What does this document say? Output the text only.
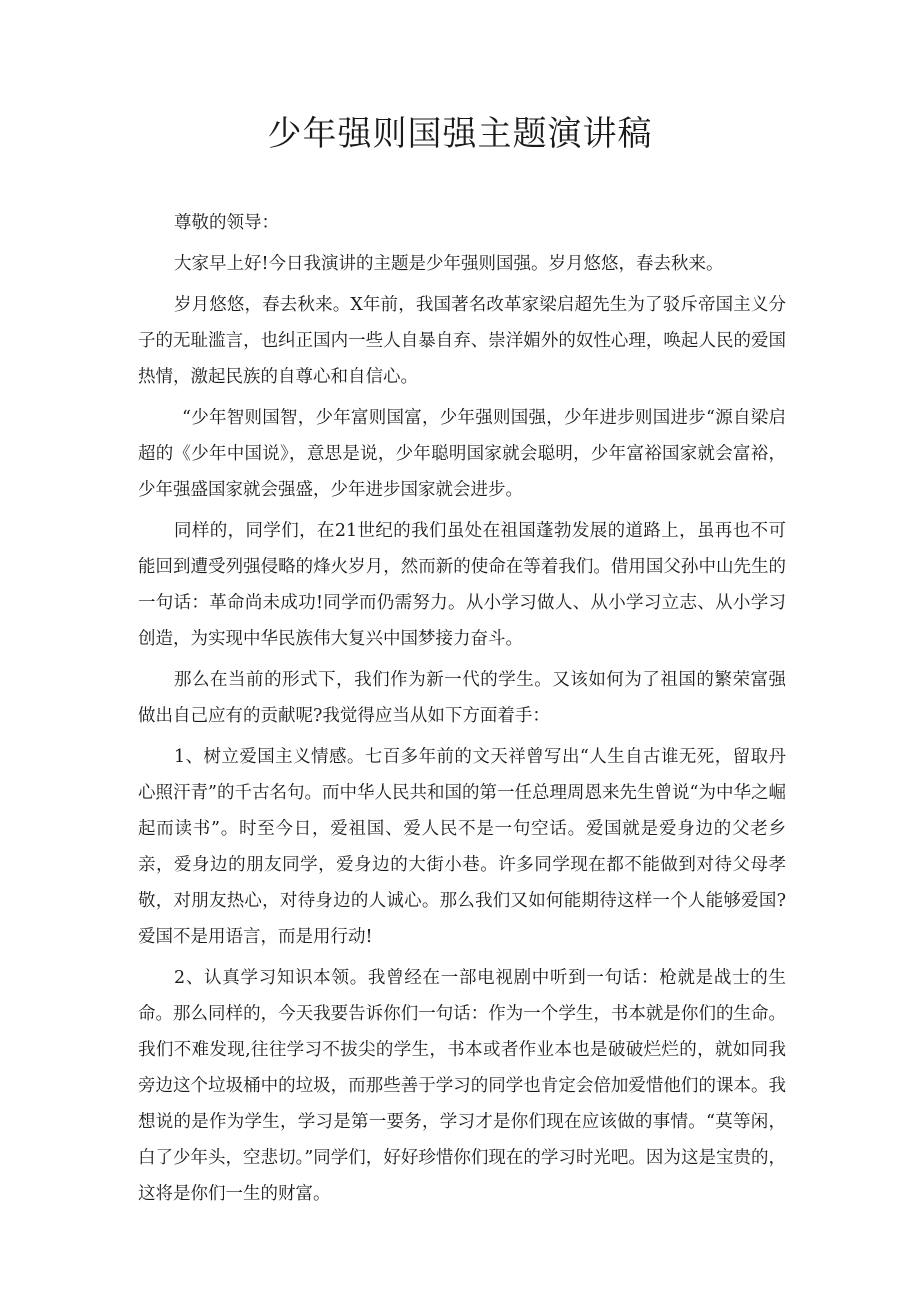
少年强则国强主题演讲稿

尊敬的领导：

大家早上好!今日我演讲的主题是少年强则国强。岁月悠悠，春去秋来。

岁月悠悠，春去秋来。X年前，我国著名改革家梁启超先生为了驳斥帝国主义分子的无耻滥言，也纠正国内一些人自暴自弃、崇洋媚外的奴性心理，唤起人民的爱国热情，激起民族的自尊心和自信心。

“少年智则国智，少年富则国富，少年强则国强，少年进步则国进步“源自梁启超的《少年中国说》，意思是说，少年聪明国家就会聪明，少年富裕国家就会富裕，少年强盛国家就会强盛，少年进步国家就会进步。

同样的，同学们，在21世纪的我们虽处在祖国蓬勃发展的道路上，虽再也不可能回到遭受列强侵略的烽火岁月，然而新的使命在等着我们。借用国父孙中山先生的一句话：革命尚未成功!同学而仍需努力。从小学习做人、从小学习立志、从小学习创造，为实现中华民族伟大复兴中国梦接力奋斗。

那么在当前的形式下，我们作为新一代的学生。又该如何为了祖国的繁荣富强做出自己应有的贡献呢?我觉得应当从如下方面着手：

1、树立爱国主义情感。七百多年前的文天祥曾写出“人生自古谁无死，留取丹心照汗青”的千古名句。而中华人民共和国的第一任总理周恩来先生曾说“为中华之崛起而读书”。时至今日，爱祖国、爱人民不是一句空话。爱国就是爱身边的父老乡亲，爱身边的朋友同学，爱身边的大街小巷。许多同学现在都不能做到对待父母孝敬，对朋友热心，对待身边的人诚心。那么我们又如何能期待这样一个人能够爱国?爱国不是用语言，而是用行动!

2、认真学习知识本领。我曾经在一部电视剧中听到一句话：枪就是战士的生命。那么同样的，今天我要告诉你们一句话：作为一个学生，书本就是你们的生命。我们不难发现,往往学习不拔尖的学生，书本或者作业本也是破破烂烂的，就如同我旁边这个垃圾桶中的垃圾，而那些善于学习的同学也肯定会倍加爱惜他们的课本。我想说的是作为学生，学习是第一要务，学习才是你们现在应该做的事情。“莫等闲，白了少年头，空悲切。”同学们，好好珍惜你们现在的学习时光吧。因为这是宝贵的，这将是你们一生的财富。
